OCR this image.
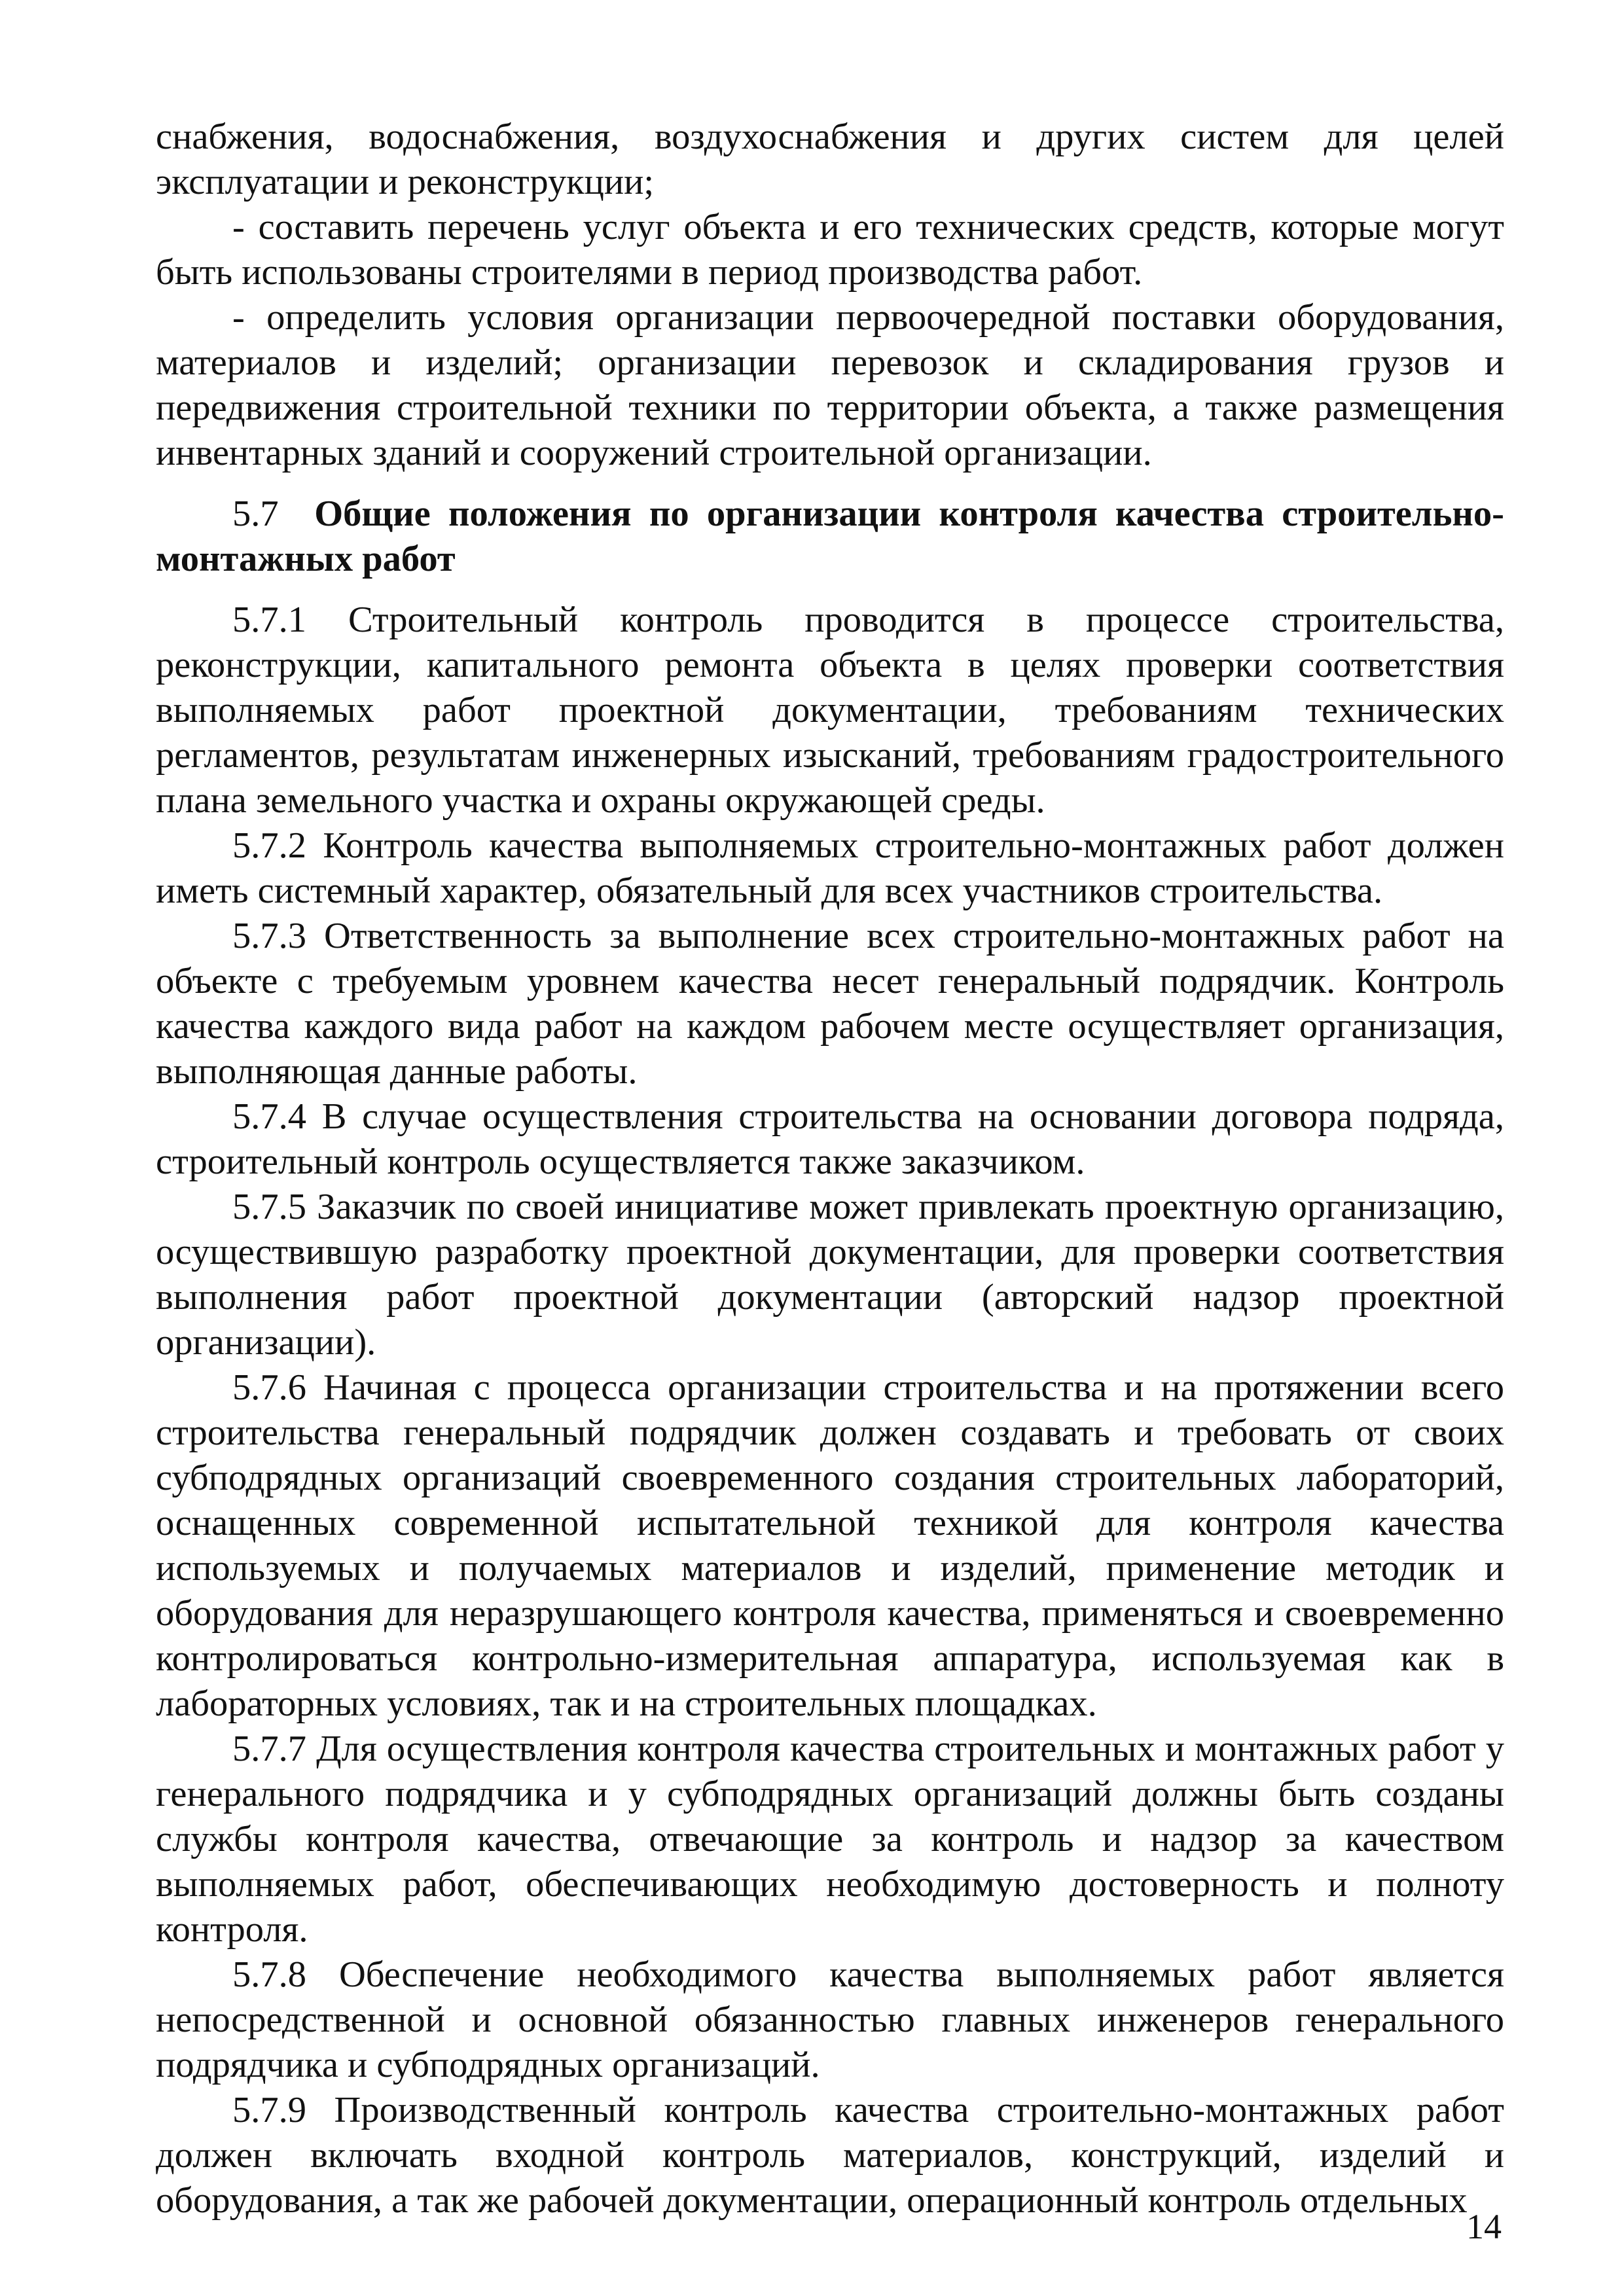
снабжения, водоснабжения, воздухоснабжения и других систем для целей эксплуатации и реконструкции;

- составить перечень услуг объекта и его технических средств, которые могут быть использованы строителями в период производства работ.

- определить условия организации первоочередной поставки оборудования, материалов и изделий; организации перевозок и складирования грузов и передвижения строительной техники по территории объекта, а также размещения инвентарных зданий и сооружений строительной организации.

5.7 Общие положения по организации контроля качества строительно-монтажных работ

5.7.1 Строительный контроль проводится в процессе строительства, реконструкции, капитального ремонта объекта в целях проверки соответствия выполняемых работ проектной документации, требованиям технических регламентов, результатам инженерных изысканий, требованиям градостроительного плана земельного участка и охраны окружающей среды.

5.7.2 Контроль качества выполняемых строительно-монтажных работ должен иметь системный характер, обязательный для всех участников строительства.

5.7.3 Ответственность за выполнение всех строительно-монтажных работ на объекте с требуемым уровнем качества несет генеральный подрядчик. Контроль качества каждого вида работ на каждом рабочем месте осуществляет организация, выполняющая данные работы.

5.7.4 В случае осуществления строительства на основании договора подряда, строительный контроль осуществляется также заказчиком.

5.7.5 Заказчик по своей инициативе может привлекать проектную организацию, осуществившую разработку проектной документации, для проверки соответствия выполнения работ проектной документации (авторский надзор проектной организации).

5.7.6 Начиная с процесса организации строительства и на протяжении всего строительства генеральный подрядчик должен создавать и требовать от своих субподрядных организаций своевременного создания строительных лабораторий, оснащенных современной испытательной техникой для контроля качества используемых и получаемых материалов и изделий, применение методик и оборудования для неразрушающего контроля качества, применяться и своевременно контролироваться контрольно-измерительная аппаратура, используемая как в лабораторных условиях, так и на строительных площадках.

5.7.7 Для осуществления контроля качества строительных и монтажных работ у генерального подрядчика и у субподрядных организаций должны быть созданы службы контроля качества, отвечающие за контроль и надзор за качеством выполняемых работ, обеспечивающих необходимую достоверность и полноту контроля.

5.7.8 Обеспечение необходимого качества выполняемых работ является непосредственной и основной обязанностью главных инженеров генерального подрядчика и субподрядных организаций.

5.7.9 Производственный контроль качества строительно-монтажных работ должен включать входной контроль материалов, конструкций, изделий и оборудования, а так же рабочей документации, операционный контроль отдельных

14
